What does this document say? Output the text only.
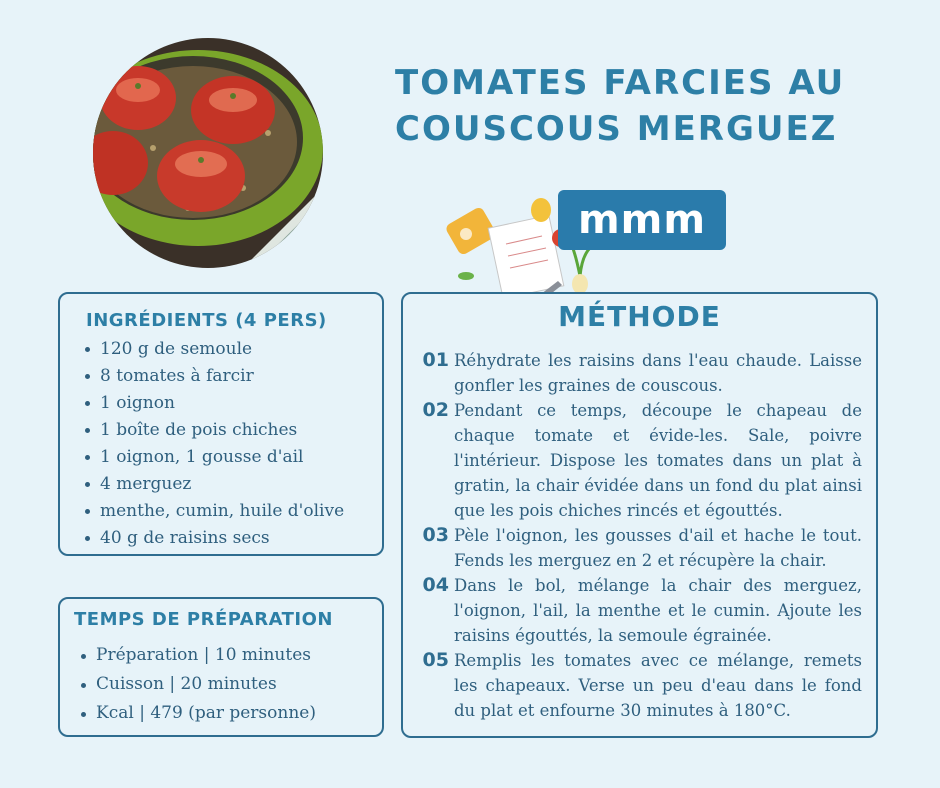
TOMATES FARCIES AU
COUSCOUS MERGUEZ
mmm
INGRÉDIENTS (4 PERS)
120 g de semoule
8 tomates à farcir
1 oignon
1 boîte de pois chiches
1 oignon, 1 gousse d'ail
4 merguez
menthe, cumin, huile d'olive
40 g de raisins secs
TEMPS DE PRÉPARATION
Préparation | 10 minutes
Cuisson | 20 minutes
Kcal | 479 (par personne)
MÉTHODE
01 Réhydrate les raisins dans l'eau chaude. Laisse gonfler les graines de couscous.

02 Pendant ce temps, découpe le chapeau de chaque tomate et évide-les. Sale, poivre l'intérieur. Dispose les tomates dans un plat à gratin, la chair évidée dans un fond du plat ainsi que les pois chiches rincés et égouttés.

03 Pèle l'oignon, les gousses d'ail et hache le tout. Fends les merguez en 2 et récupère la chair.

04 Dans le bol, mélange la chair des merguez, l'oignon, l'ail, la menthe et le cumin. Ajoute les raisins égouttés, la semoule égrainée.

05 Remplis les tomates avec ce mélange, remets les chapeaux. Verse un peu d'eau dans le fond du plat et enfourne 30 minutes à 180°C.
